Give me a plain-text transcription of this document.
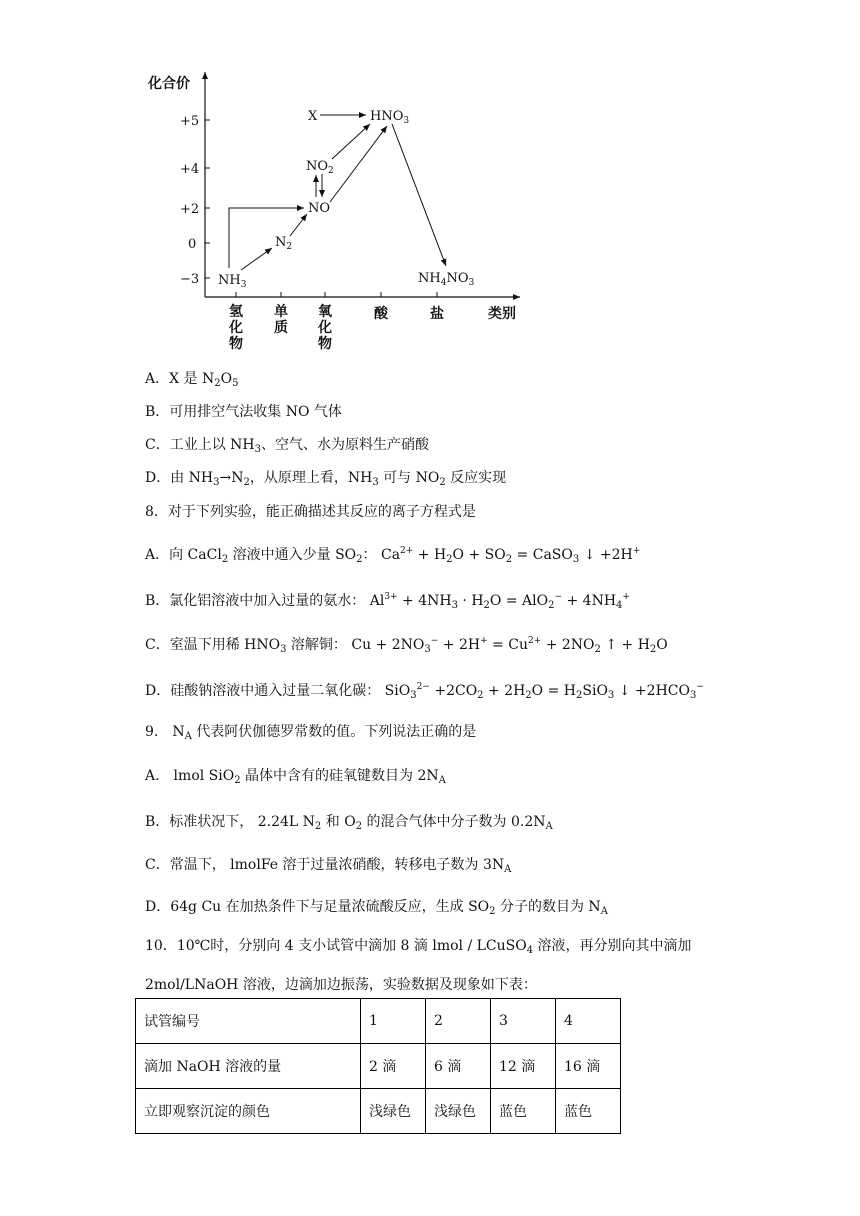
化合价
类别
+5
+4
+2
0
−3
氢化物
单质
氧化物
酸	盐
X	$HNO_3$
$NO_2$
NO
$N_2$
$NH_3$	$NH_4NO_3$
A．X 是 $N_2O_5$
B．可用排空气法收集 NO 气体
C．工业上以 $NH_3$、空气、水为原料生产硝酸
D．由 $NH_3\to N_2$，从原理上看，$NH_3$ 可与 $NO_2$ 反应实现
8．对于下列实验，能正确描述其反应的离子方程式是
A．向 CaCl$_2$ 溶液中通入少量 $SO_2$： $Ca^{2+} + H_2O + SO_2$ = CaSO$_3$ ↓ +2H+
B．氯化铝溶液中加入过量的氨水： $Al^{3+} + 4NH_3 \cdot H_2O = AlO_2^- + 4NH_4^+$
C．室温下用稀 $HNO_3$ 溶解铜： $Cu + 2NO_3^- + 2H^+ = Cu^{2+} + 2NO_2$ ↑ + $H_2O$
D．硅酸钠溶液中通入过量二氧化碳： $SiO_3^{2-} +2CO_2 + 2H_2O = H_2SiO_3$ ↓ $+2HCO_3^-$
9． $N_A$ 代表阿伏伽德罗常数的值。下列说法正确的是
A． lmol SiO$_2$ 晶体中含有的硅氧键数目为 $2N_A$
B．标准状况下， 2.24L $N_2$ 和 $O_2$ 的混合气体中分子数为 $0.2N_A$
C．常温下， lmolFe 溶于过量浓硝酸，转移电子数为 $3N_A$
D．64g Cu 在加热条件下与足量浓硫酸反应，生成 $SO_2$ 分子的数目为 $N_A$
10．10℃时，分别向 4 支小试管中滴加 8 滴 lmol / LCuSO$_4$ 溶液，再分别向其中滴加
2mol/LNaOH 溶液，边滴加边振荡，实验数据及现象如下表：
试管编号	1	2	3	4
滴加 NaOH 溶液的量	2 滴	6 滴	12 滴	16 滴
立即观察沉淀的颜色	浅绿色	浅绿色	蓝色	蓝色
